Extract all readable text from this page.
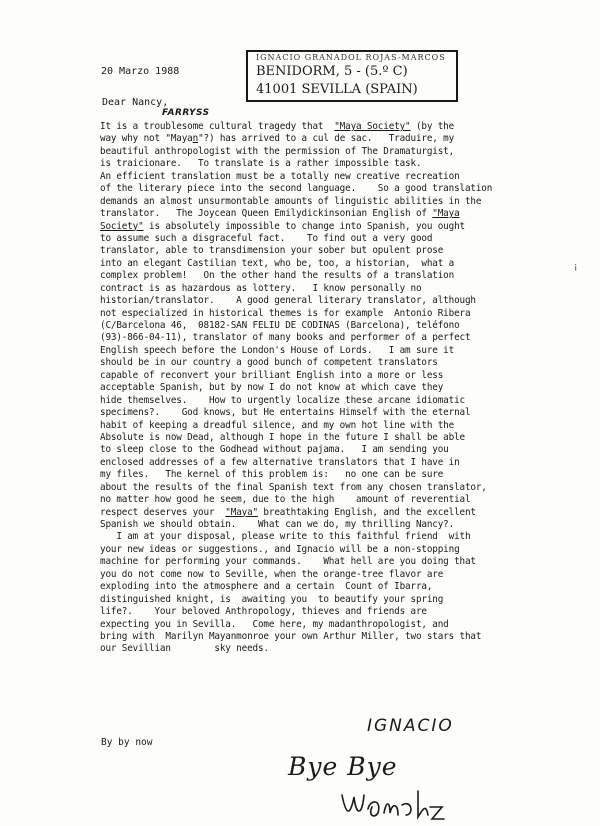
20 Marzo 1988
IGNACIO GRANADOL ROJAS-MARCOS
BENIDORM, 5 - (5.º C)
41001 SEVILLA (SPAIN)
Dear Nancy,
FARRYSS
¡
It is a troublesome cultural tragedy that  "Maya Society" (by the
way why not "Mayan"?) has arrived to a cul de sac.   Traduire, my
beautiful anthropologist with the permission of The Dramaturgist,
is traicionare.   To translate is a rather impossible task.
An efficient translation must be a totally new creative recreation
of the literary piece into the second language.    So a good translation
demands an almost unsurmontable amounts of linguistic abilities in the
translator.   The Joycean Queen Emilydickinsonian English of "Maya
Society" is absolutely impossible to change into Spanish, you ought
to assume such a disgraceful fact.    To find out a very good
translator, able to transdimension your sober but opulent prose
into an elegant Castilian text, who be, too, a historian,  what a
complex problem!   On the other hand the results of a translation
contract is as hazardous as lottery.   I know personally no
historian/translator.    A good general literary translator, although
not especialized in historical themes is for example  Antonio Ribera
(C/Barcelona 46,  08182-SAN FELIU DE CODINAS (Barcelona), teléfono
(93)-866-04-11), translator of many books and performer of a perfect
English speech before the London's House of Lords.   I am sure it
should be in our country a good bunch of competent translators
capable of reconvert your brilliant English into a more or less
acceptable Spanish, but by now I do not know at which cave they
hide themselves.    How to urgently localize these arcane idiomatic
specimens?.    God knows, but He entertains Himself with the eternal
habit of keeping a dreadful silence, and my own hot line with the
Absolute is now Dead, although I hope in the future I shall be able
to sleep close to the Godhead without pajama.   I am sending you
enclosed addresses of a few alternative translators that I have in
my files.   The kernel of this problem is:   no one can be sure
about the results of the final Spanish text from any chosen translator,
no matter how good he seem, due to the high    amount of reverential
respect deserves your  "Maya" breathtaking English, and the excellent
Spanish we should obtain.    What can we do, my thrilling Nancy?.
I am at your disposal, please write to this faithful friend  with
your new ideas or suggestions., and Ignacio will be a non-stopping
machine for performing your commands.    What hell are you doing that
you do not come now to Seville, when the orange-tree flavor are
exploding into the atmosphere and a certain  Count of Ibarra,
distinguished knight, is  awaiting you  to beautify your spring
life?.    Your beloved Anthropology, thieves and friends are
expecting you in Sevilla.   Come here, my madanthropologist, and
bring with  Marilyn Mayanmonroe your own Arthur Miller, two stars that
our Sevillian        sky needs.
By by now
IGNACIO
Bye Bye
